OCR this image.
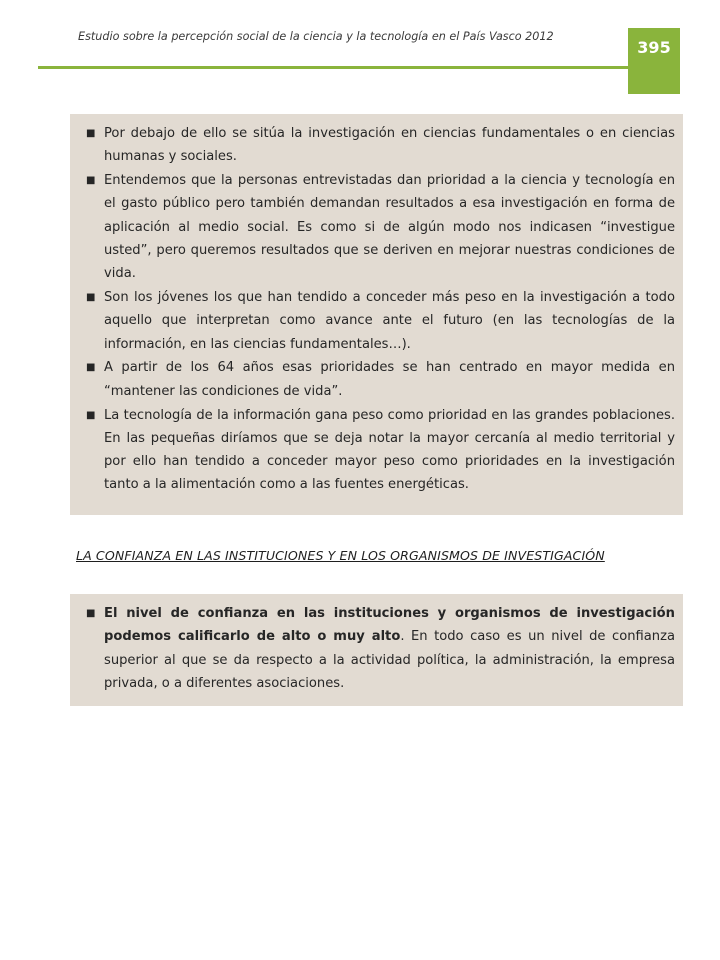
Estudio sobre la percepción social de la ciencia y la tecnología en el País Vasco 2012
395

■ Por debajo de ello se sitúa la investigación en ciencias fundamentales o en ciencias humanas y sociales.

■ Entendemos que la personas entrevistadas dan prioridad a la ciencia y tecnología en el gasto público pero también demandan resultados a esa investigación en forma de aplicación al medio social. Es como si de algún modo nos indicasen “investigue usted”, pero queremos resultados que se deriven en mejorar nuestras condiciones de vida.

■ Son los jóvenes los que han tendido a conceder más peso en la investigación a todo aquello que interpretan como avance ante el futuro (en las tecnologías de la información, en las ciencias fundamentales…).

■ A partir de los 64 años esas prioridades se han centrado en mayor medida en “mantener las condiciones de vida”.

■ La tecnología de la información gana peso como prioridad en las grandes poblaciones. En las pequeñas diríamos que se deja notar la mayor cercanía al medio territorial y por ello han tendido a conceder mayor peso como prioridades en la investigación tanto a la alimentación como a las fuentes energéticas.

LA CONFIANZA EN LAS INSTITUCIONES Y EN LOS ORGANISMOS DE INVESTIGACIÓN

■ El nivel de confianza en las instituciones y organismos de investigación podemos calificarlo de alto o muy alto. En todo caso es un nivel de confianza superior al que se da respecto a la actividad política, la administración, la empresa privada, o a diferentes asociaciones.
